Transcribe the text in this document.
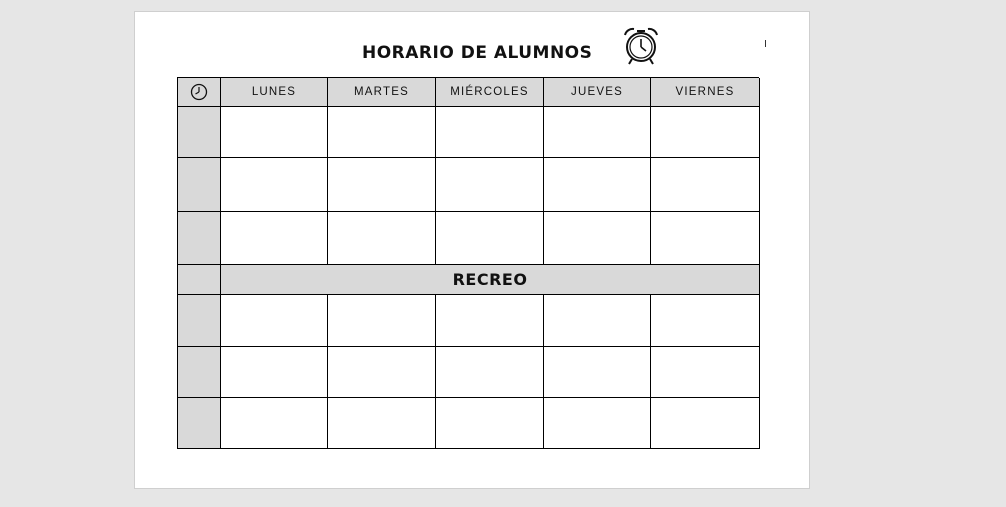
HORARIO DE ALUMNOS
LUNES	MARTES	MIÉRCOLES	JUEVES	VIERNES
RECREO
